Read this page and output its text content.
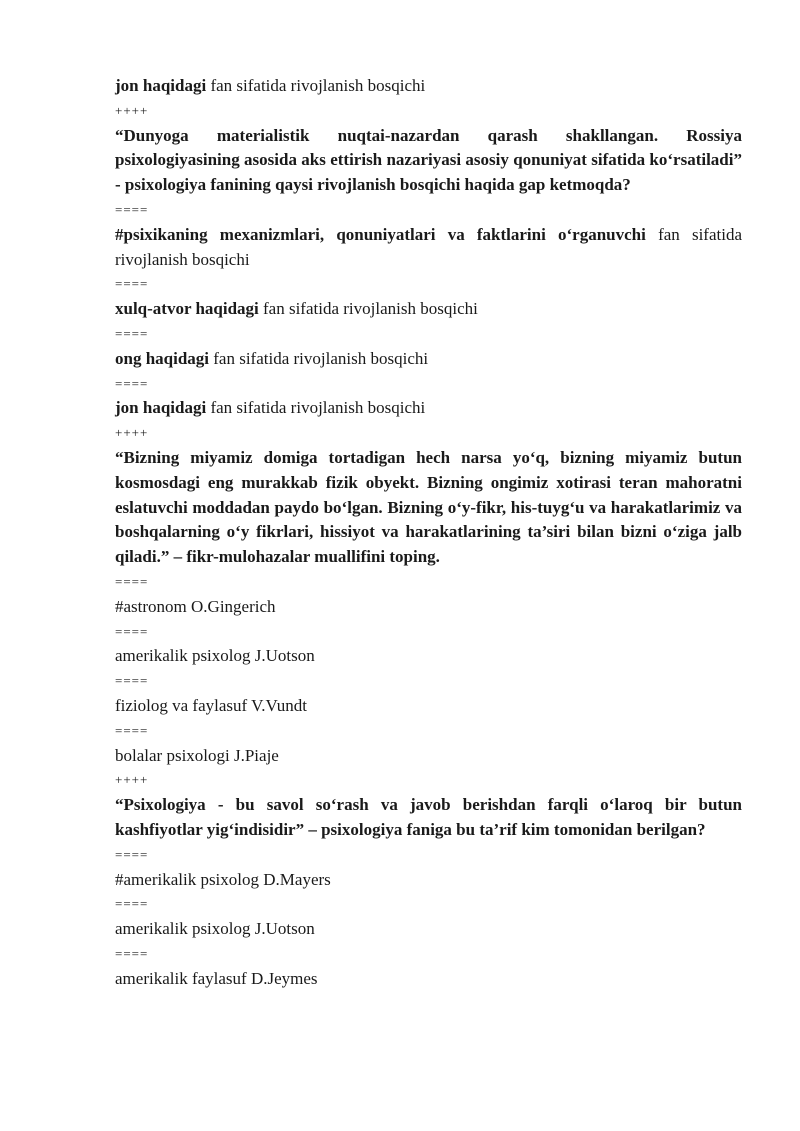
jon haqidagi fan sifatida rivojlanish bosqichi

++++

“Dunyoga materialistik nuqtai-nazardan qarash shakllangan. Rossiya psixologiyasining asosida aks ettirish nazariyasi asosiy qonuniyat sifatida ko‘rsatiladi” - psixologiya fanining qaysi rivojlanish bosqichi haqida gap ketmoqda?

====

#psixikaning mexanizmlari, qonuniyatlari va faktlarini o‘rganuvchi fan sifatida rivojlanish bosqichi

====

xulq-atvor haqidagi fan sifatida rivojlanish bosqichi

====

ong haqidagi fan sifatida rivojlanish bosqichi

====

jon haqidagi fan sifatida rivojlanish bosqichi

++++

“Bizning miyamiz domiga tortadigan hech narsa yo‘q, bizning miyamiz butun kosmosdagi eng murakkab fizik obyekt. Bizning ongimiz xotirasi teran mahoratni eslatuvchi moddadan paydo bo‘lgan. Bizning o‘y-fikr, his-tuyg‘u va harakatlarimiz va boshqalarning o‘y fikrlari, hissiyot va harakatlarining ta’siri bilan bizni o‘ziga jalb qiladi.” – fikr-mulohazalar muallifini toping.

====

#astronom O.Gingerich

====

amerikalik psixolog J.Uotson

====

fiziolog va faylasuf V.Vundt

====

bolalar psixologi J.Piaje

++++

“Psixologiya - bu savol so‘rash va javob berishdan farqli o‘laroq bir butun kashfiyotlar yig‘indisidir” – psixologiya faniga bu ta’rif kim tomonidan berilgan?

====

#amerikalik psixolog D.Mayers

====

amerikalik psixolog J.Uotson

====

amerikalik faylasuf D.Jeymes
